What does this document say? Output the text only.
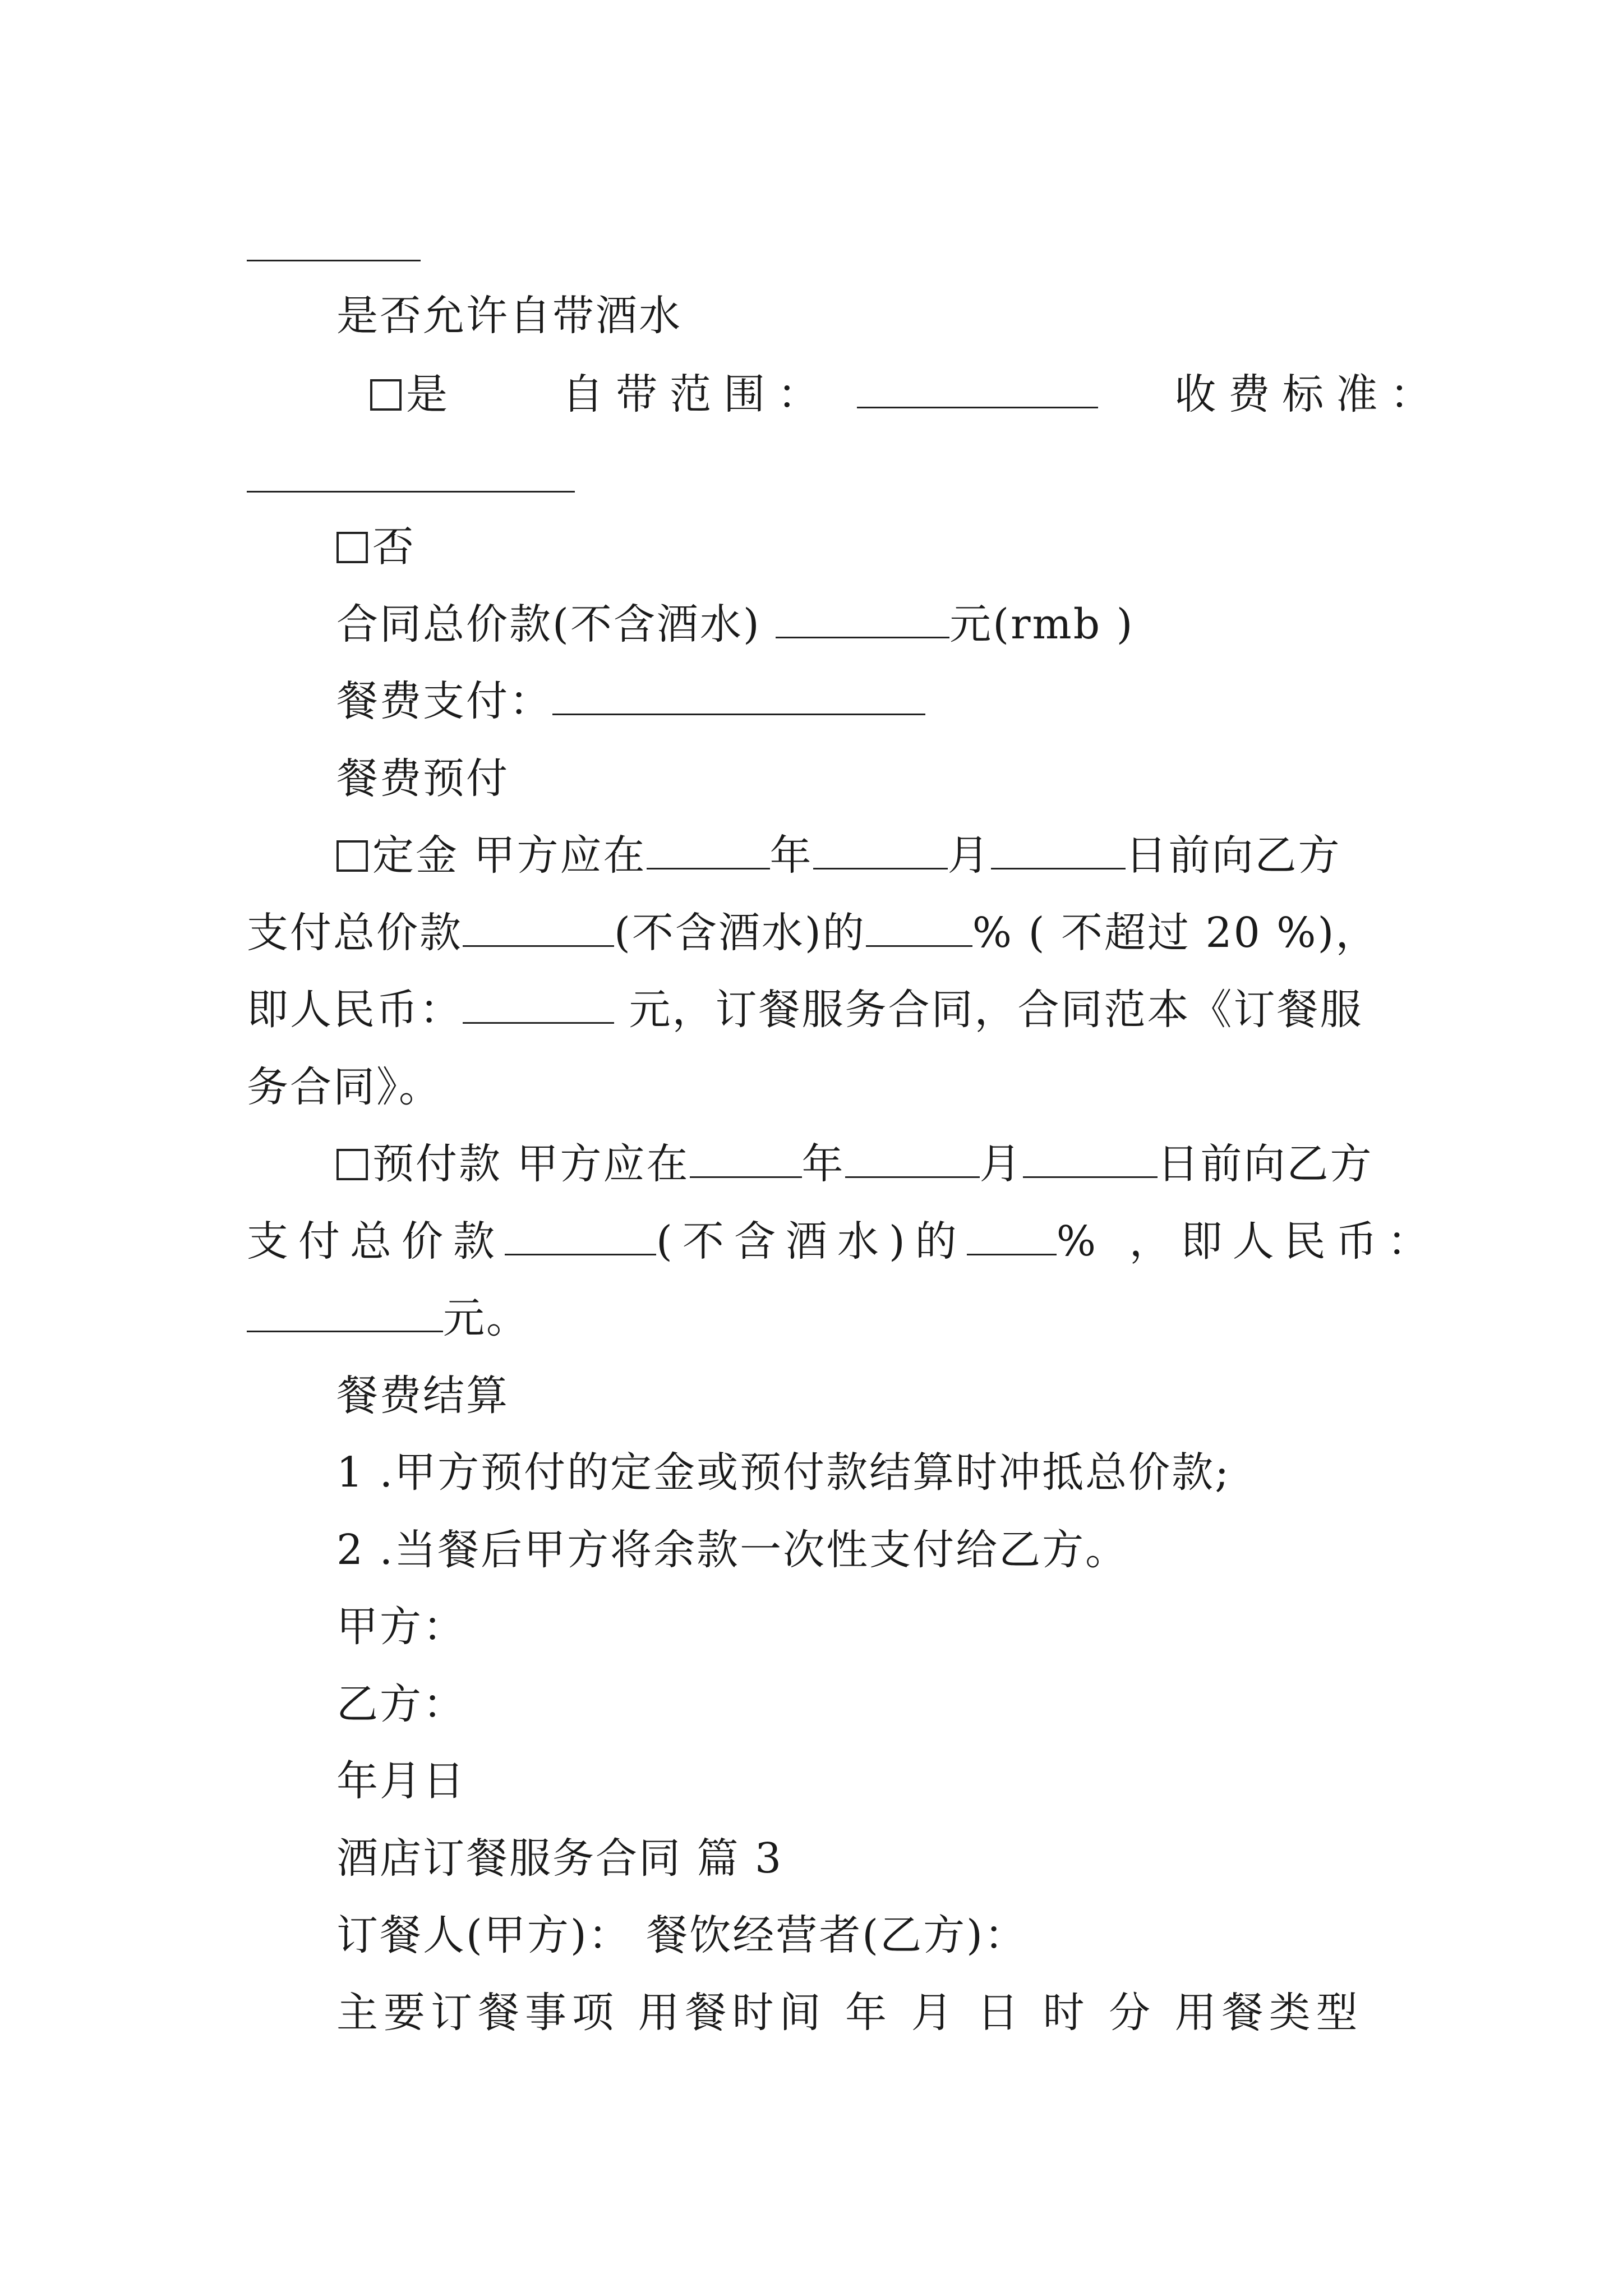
是否允许自带酒水
是 自带范围：	收费标准：
否
合同总价款(不含酒水)	元(rmb )
餐费支付：
餐费预付
定金 甲方应在	年	月	日前向乙方
支付总价款	(不含酒水)的	% ( 不超过 20 %)，
即人民币：	元，订餐服务合同，合同范本《订餐服
务合同》。
预付款 甲方应在	年	月	日前向乙方
支付总价款	(不含酒水)的 % ，即人民币：
元。
餐费结算
1 .甲方预付的定金或预付款结算时冲抵总价款;
2 .当餐后甲方将余款一次性支付给乙方。
甲方：
乙方：
年月日
酒店订餐服务合同 篇 3
订餐人(甲方)： 餐饮经营者(乙方)：
主要订餐事项 用餐时间 年 月 日 时 分 用餐类型
